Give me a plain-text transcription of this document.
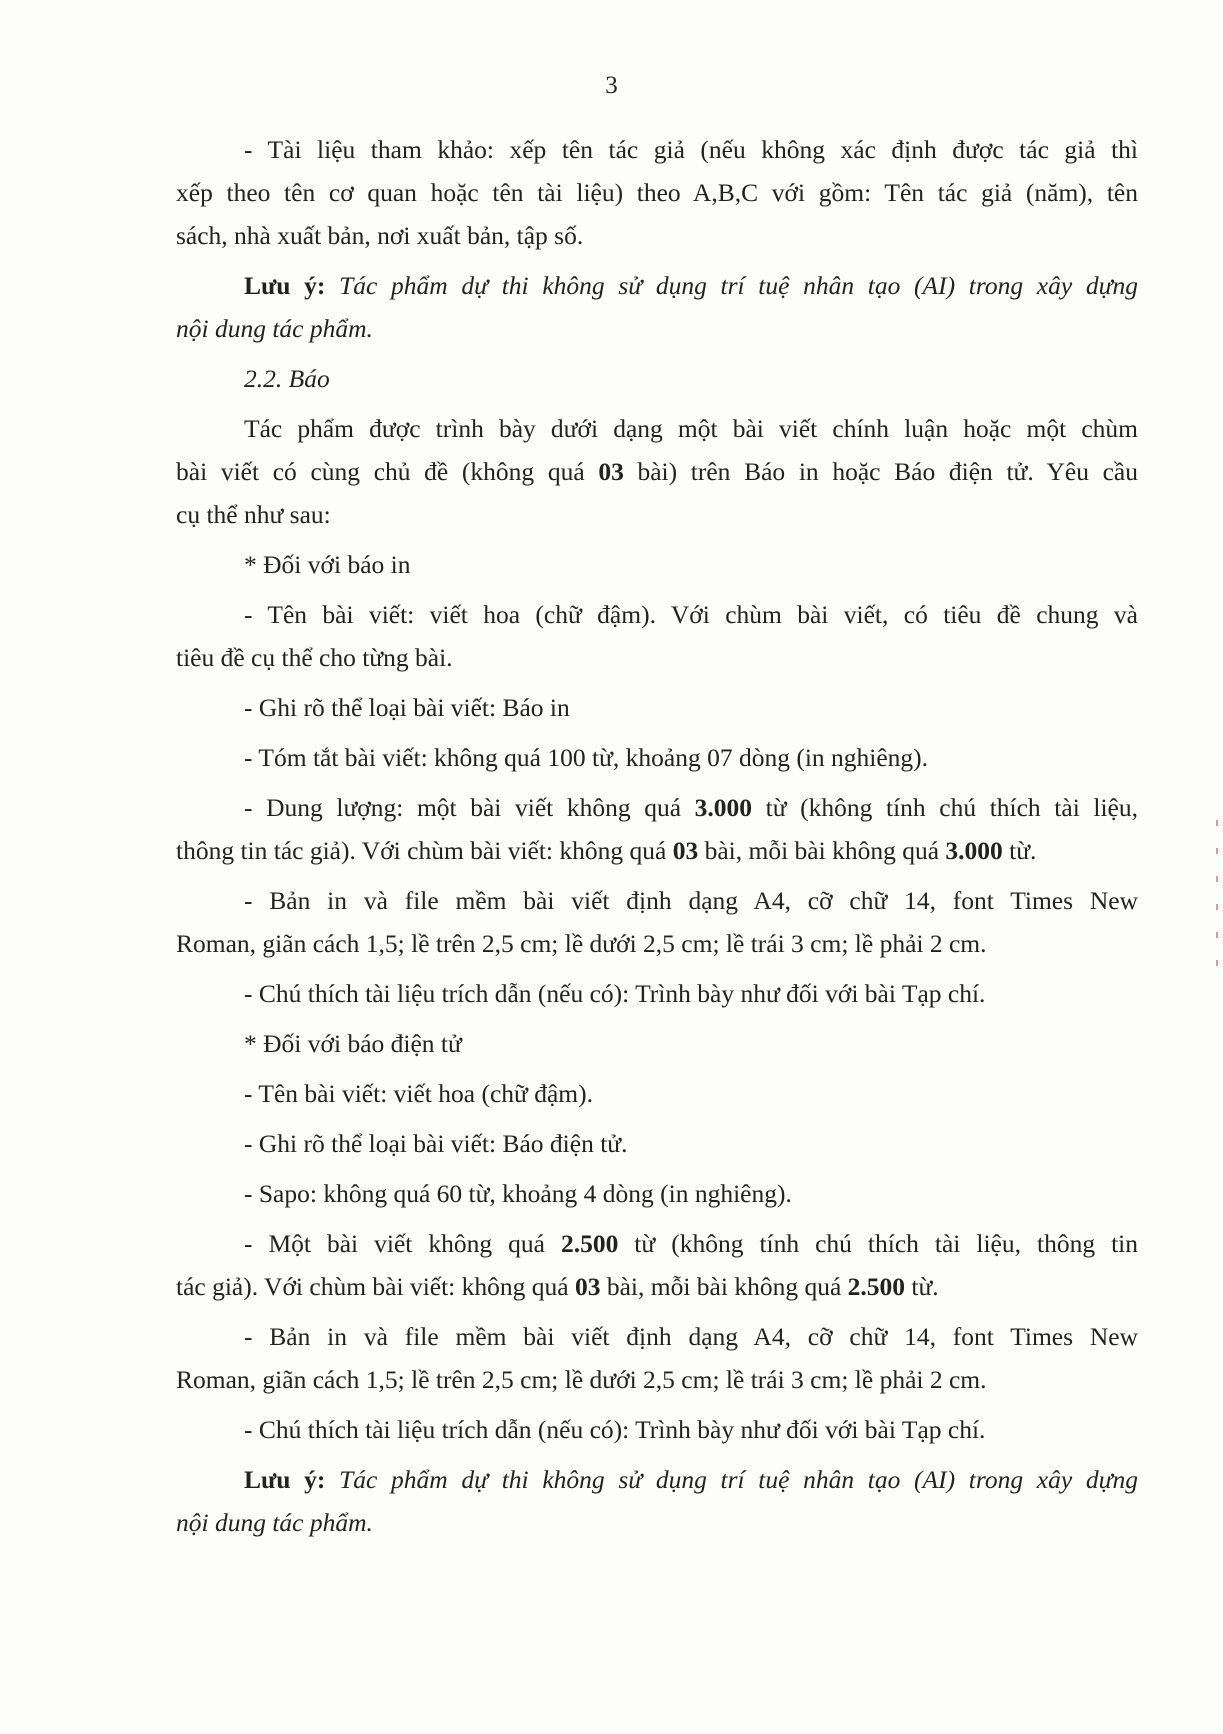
3
- Tài liệu tham khảo: xếp tên tác giả (nếu không xác định được tác giả thì
xếp theo tên cơ quan hoặc tên tài liệu) theo A,B,C với gồm: Tên tác giả (năm), tên
sách, nhà xuất bản, nơi xuất bản, tập số.
Lưu ý: Tác phẩm dự thi không sử dụng trí tuệ nhân tạo (AI) trong xây dựng
nội dung tác phẩm.
2.2. Báo
Tác phẩm được trình bày dưới dạng một bài viết chính luận hoặc một chùm
bài viết có cùng chủ đề (không quá 03 bài) trên Báo in hoặc Báo điện tử. Yêu cầu
cụ thể như sau:
* Đối với báo in
- Tên bài viết: viết hoa (chữ đậm). Với chùm bài viết, có tiêu đề chung và
tiêu đề cụ thể cho từng bài.
- Ghi rõ thể loại bài viết: Báo in
- Tóm tắt bài viết: không quá 100 từ, khoảng 07 dòng (in nghiêng).
- Dung lượng: một bài viết không quá 3.000 từ (không tính chú thích tài liệu,
thông tin tác giả). Với chùm bài viết: không quá 03 bài, mỗi bài không quá 3.000 từ.
- Bản in và file mềm bài viết định dạng A4, cỡ chữ 14, font Times New
Roman, giãn cách 1,5; lề trên 2,5 cm; lề dưới 2,5 cm; lề trái 3 cm; lề phải 2 cm.
- Chú thích tài liệu trích dẫn (nếu có): Trình bày như đối với bài Tạp chí.
* Đối với báo điện tử
- Tên bài viết: viết hoa (chữ đậm).
- Ghi rõ thể loại bài viết: Báo điện tử.
- Sapo: không quá 60 từ, khoảng 4 dòng (in nghiêng).
- Một bài viết không quá 2.500 từ (không tính chú thích tài liệu, thông tin
tác giả). Với chùm bài viết: không quá 03 bài, mỗi bài không quá 2.500 từ.
- Bản in và file mềm bài viết định dạng A4, cỡ chữ 14, font Times New
Roman, giãn cách 1,5; lề trên 2,5 cm; lề dưới 2,5 cm; lề trái 3 cm; lề phải 2 cm.
- Chú thích tài liệu trích dẫn (nếu có): Trình bày như đối với bài Tạp chí.
Lưu ý: Tác phẩm dự thi không sử dụng trí tuệ nhân tạo (AI) trong xây dựng
nội dung tác phẩm.
